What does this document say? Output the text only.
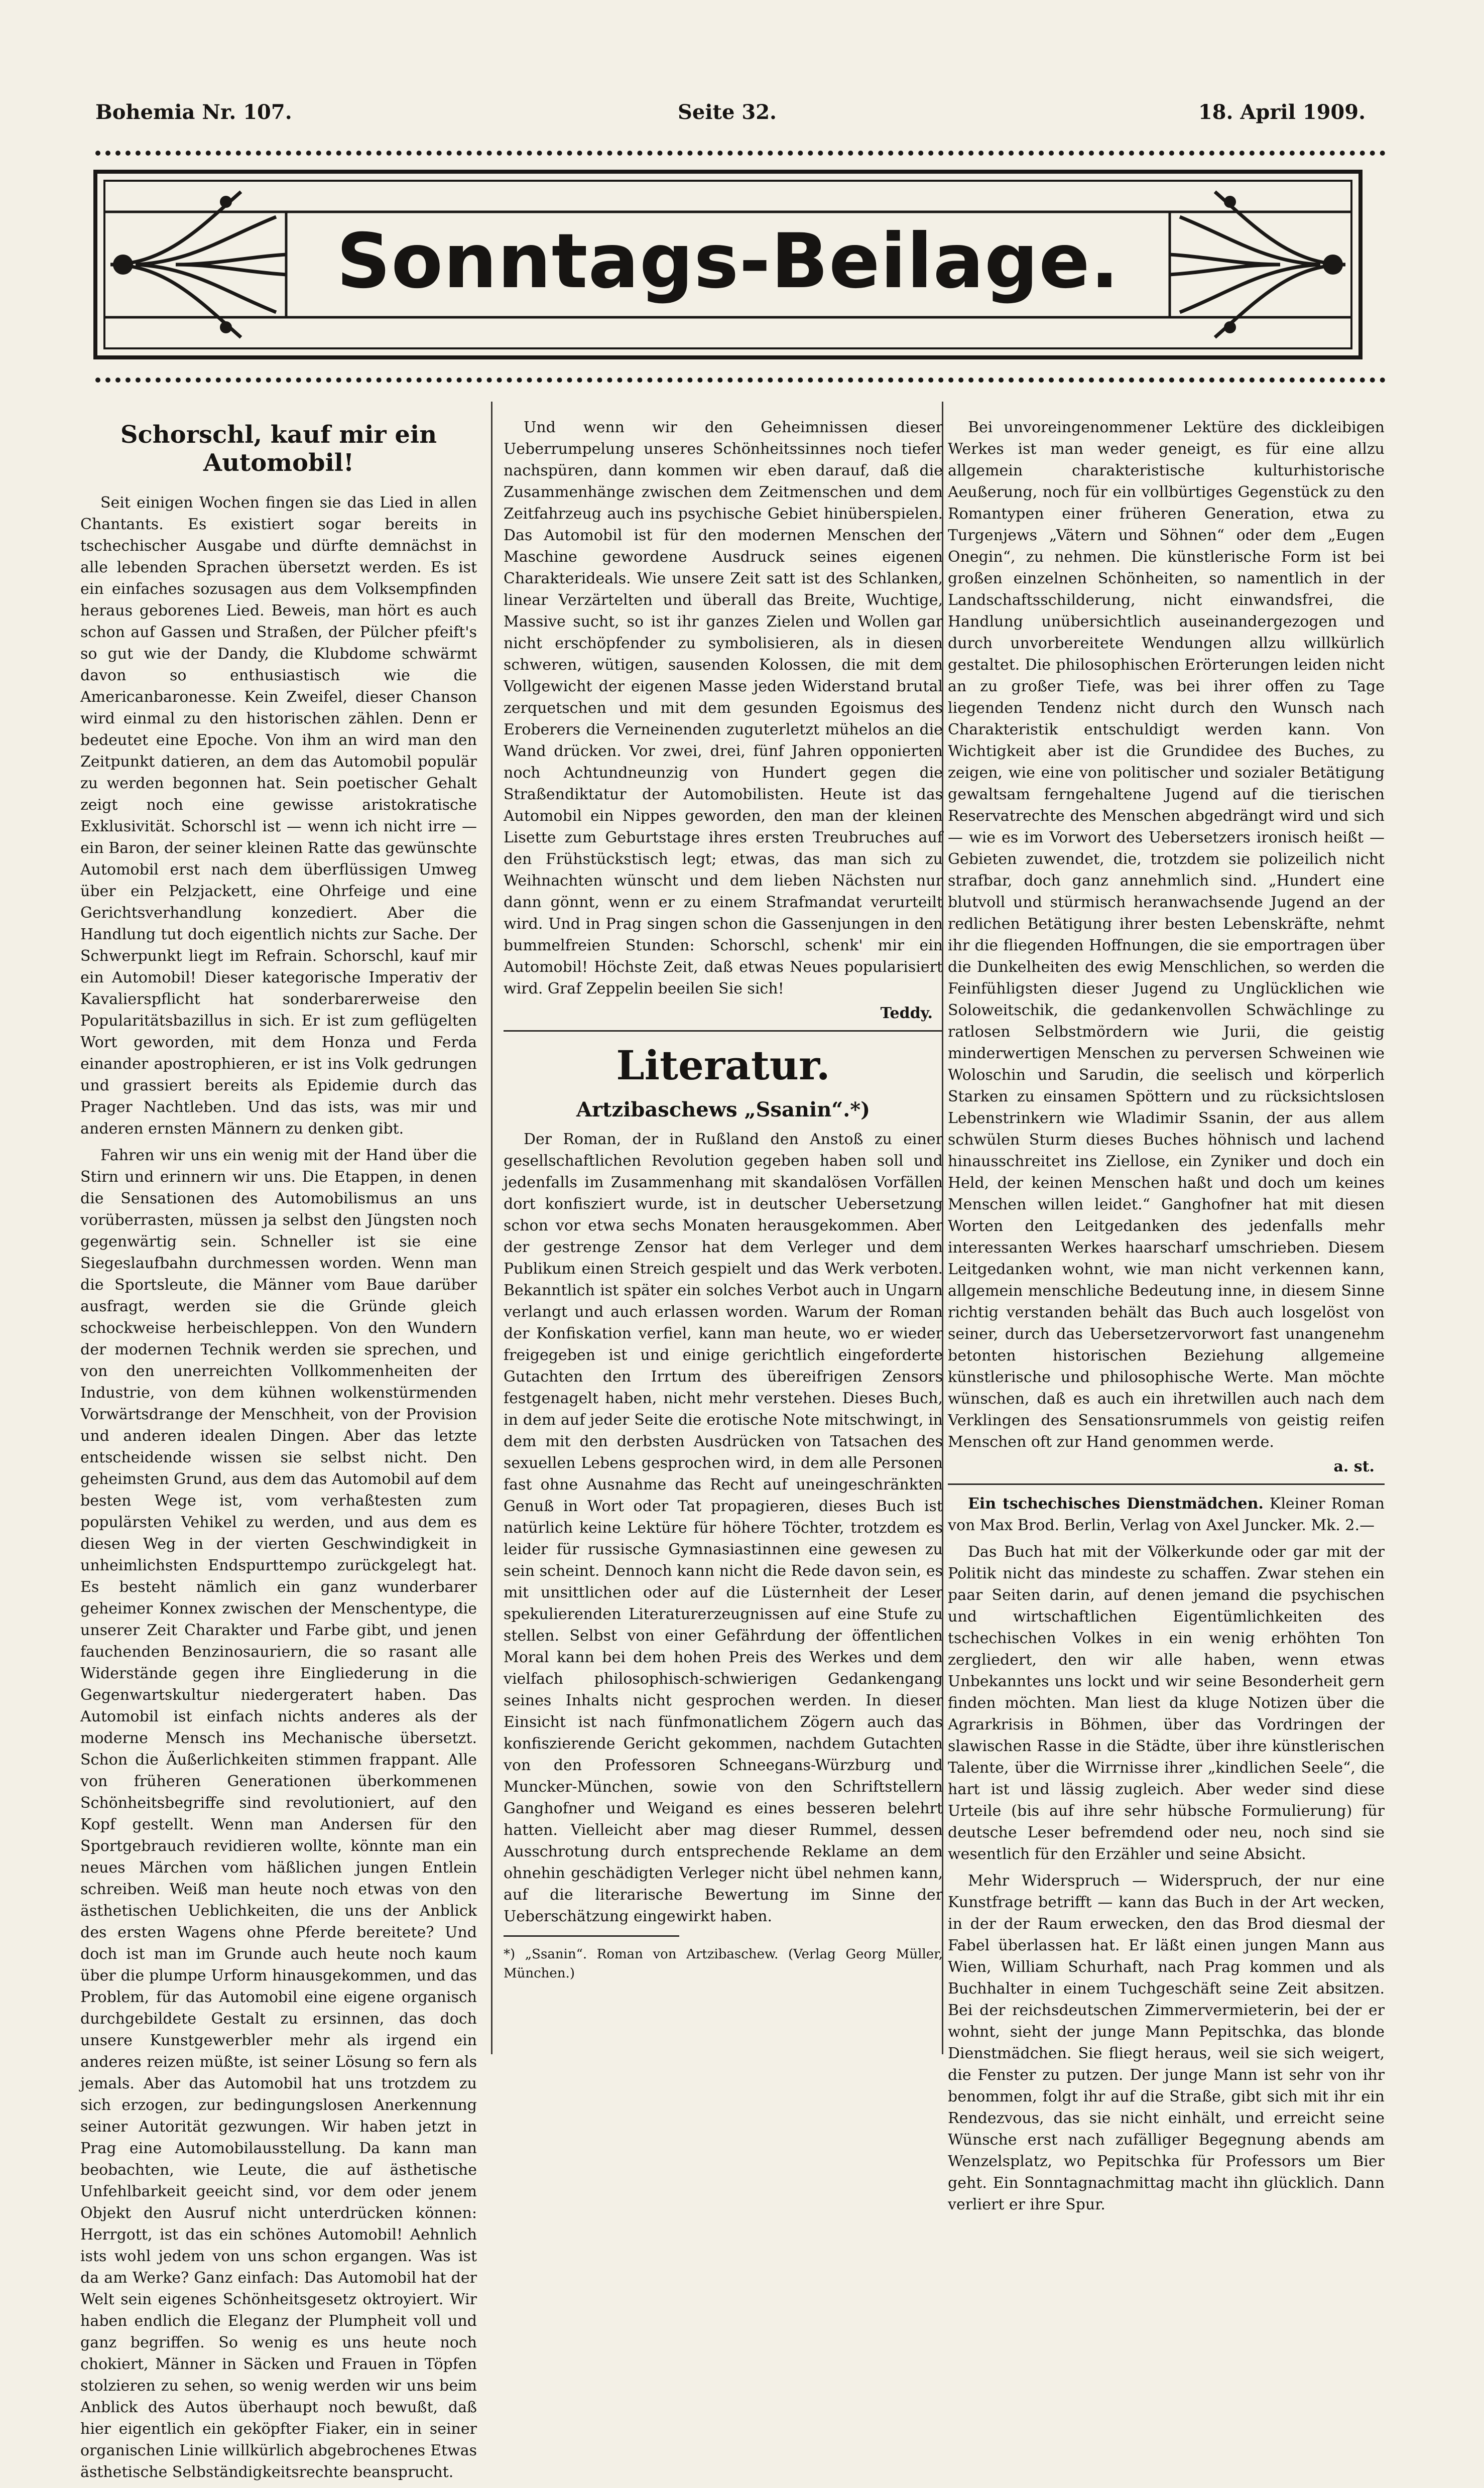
Bohemia Nr. 107.	Seite 32.	18. April 1909.
Sonntags-Beilage.
Schorschl, kauf mir ein Automobil!

Seit einigen Wochen fingen sie das Lied in allen Chantants. Es existiert sogar bereits in tschechischer Ausgabe und dürfte demnächst in alle lebenden Sprachen übersetzt werden. Es ist ein einfaches sozusagen aus dem Volksempfinden heraus geborenes Lied. Beweis, man hört es auch schon auf Gassen und Straßen, der Pülcher pfeift's so gut wie der Dandy, die Klubdome schwärmt davon so enthusiastisch wie die Americanbaronesse. Kein Zweifel, dieser Chanson wird einmal zu den historischen zählen. Denn er bedeutet eine Epoche. Von ihm an wird man den Zeitpunkt datieren, an dem das Automobil populär zu werden begonnen hat. Sein poetischer Gehalt zeigt noch eine gewisse aristokratische Exklusivität. Schorschl ist — wenn ich nicht irre — ein Baron, der seiner kleinen Ratte das gewünschte Automobil erst nach dem überflüssigen Umweg über ein Pelzjackett, eine Ohrfeige und eine Gerichtsverhandlung konzediert. Aber die Handlung tut doch eigentlich nichts zur Sache. Der Schwerpunkt liegt im Refrain. Schorschl, kauf mir ein Automobil! Dieser kategorische Imperativ der Kavalierspflicht hat sonderbarerweise den Popularitätsbazillus in sich. Er ist zum geflügelten Wort geworden, mit dem Honza und Ferda einander apostrophieren, er ist ins Volk gedrungen und grassiert bereits als Epidemie durch das Prager Nachtleben. Und das ists, was mir und anderen ernsten Männern zu denken gibt.

Fahren wir uns ein wenig mit der Hand über die Stirn und erinnern wir uns. Die Etappen, in denen die Sensationen des Automobilismus an uns vorüberrasten, müssen ja selbst den Jüngsten noch gegenwärtig sein. Schneller ist sie eine Siegeslaufbahn durchmessen worden. Wenn man die Sportsleute, die Männer vom Baue darüber ausfragt, werden sie die Gründe gleich schockweise herbeischleppen. Von den Wundern der modernen Technik werden sie sprechen, und von den unerreichten Vollkommenheiten der Industrie, von dem kühnen wolkenstürmenden Vorwärtsdrange der Menschheit, von der Provision und anderen idealen Dingen. Aber das letzte entscheidende wissen sie selbst nicht. Den geheimsten Grund, aus dem das Automobil auf dem besten Wege ist, vom verhaßtesten zum populärsten Vehikel zu werden, und aus dem es diesen Weg in der vierten Geschwindigkeit in unheimlichsten Endspurttempo zurückgelegt hat. Es besteht nämlich ein ganz wunderbarer geheimer Konnex zwischen der Menschentype, die unserer Zeit Charakter und Farbe gibt, und jenen fauchenden Benzinosauriern, die so rasant alle Widerstände gegen ihre Eingliederung in die Gegenwartskultur niedergeratert haben. Das Automobil ist einfach nichts anderes als der moderne Mensch ins Mechanische übersetzt. Schon die Äußerlichkeiten stimmen frappant. Alle von früheren Generationen überkommenen Schönheitsbegriffe sind revolutioniert, auf den Kopf gestellt. Wenn man Andersen für den Sportgebrauch revidieren wollte, könnte man ein neues Märchen vom häßlichen jungen Entlein schreiben. Weiß man heute noch etwas von den ästhetischen Ueblichkeiten, die uns der Anblick des ersten Wagens ohne Pferde bereitete? Und doch ist man im Grunde auch heute noch kaum über die plumpe Urform hinausgekommen, und das Problem, für das Automobil eine eigene organisch durchgebildete Gestalt zu ersinnen, das doch unsere Kunstgewerbler mehr als irgend ein anderes reizen müßte, ist seiner Lösung so fern als jemals. Aber das Automobil hat uns trotzdem zu sich erzogen, zur bedingungslosen Anerkennung seiner Autorität gezwungen. Wir haben jetzt in Prag eine Automobilausstellung. Da kann man beobachten, wie Leute, die auf ästhetische Unfehlbarkeit geeicht sind, vor dem oder jenem Objekt den Ausruf nicht unterdrücken können: Herrgott, ist das ein schönes Automobil! Aehnlich ists wohl jedem von uns schon ergangen. Was ist da am Werke? Ganz einfach: Das Automobil hat der Welt sein eigenes Schönheitsgesetz oktroyiert. Wir haben endlich die Eleganz der Plumpheit voll und ganz begriffen. So wenig es uns heute noch chokiert, Männer in Säcken und Frauen in Töpfen stolzieren zu sehen, so wenig werden wir uns beim Anblick des Autos überhaupt noch bewußt, daß hier eigentlich ein geköpfter Fiaker, ein in seiner organischen Linie willkürlich abgebrochenes Etwas ästhetische Selbständigkeitsrechte beansprucht.

Und wenn wir den Geheimnissen dieser Ueberrumpelung unseres Schönheitssinnes noch tiefer nachspüren, dann kommen wir eben darauf, daß die Zusammenhänge zwischen dem Zeitmenschen und dem Zeitfahrzeug auch ins psychische Gebiet hinüberspielen. Das Automobil ist für den modernen Menschen der Maschine gewordene Ausdruck seines eigenen Charakterideals. Wie unsere Zeit satt ist des Schlanken, linear Verzärtelten und überall das Breite, Wuchtige, Massive sucht, so ist ihr ganzes Zielen und Wollen gar nicht erschöpfender zu symbolisieren, als in diesen schweren, wütigen, sausenden Kolossen, die mit dem Vollgewicht der eigenen Masse jeden Widerstand brutal zerquetschen und mit dem gesunden Egoismus des Eroberers die Verneinenden zuguterletzt mühelos an die Wand drücken. Vor zwei, drei, fünf Jahren opponierten noch Achtundneunzig von Hundert gegen die Straßendiktatur der Automobilisten. Heute ist das Automobil ein Nippes geworden, den man der kleinen Lisette zum Geburtstage ihres ersten Treubruches auf den Frühstückstisch legt; etwas, das man sich zu Weihnachten wünscht und dem lieben Nächsten nur dann gönnt, wenn er zu einem Strafmandat verurteilt wird. Und in Prag singen schon die Gassenjungen in den bummelfreien Stunden: Schorschl, schenk' mir ein Automobil! Höchste Zeit, daß etwas Neues popularisiert wird. Graf Zeppelin beeilen Sie sich!

Teddy.
Literatur.
Artzibaschews „Ssanin“.*)

Der Roman, der in Rußland den Anstoß zu einer gesellschaftlichen Revolution gegeben haben soll und jedenfalls im Zusammenhang mit skandalösen Vorfällen dort konfisziert wurde, ist in deutscher Uebersetzung schon vor etwa sechs Monaten herausgekommen. Aber der gestrenge Zensor hat dem Verleger und dem Publikum einen Streich gespielt und das Werk verboten. Bekanntlich ist später ein solches Verbot auch in Ungarn verlangt und auch erlassen worden. Warum der Roman der Konfiskation verfiel, kann man heute, wo er wieder freigegeben ist und einige gerichtlich eingeforderte Gutachten den Irrtum des übereifrigen Zensors festgenagelt haben, nicht mehr verstehen. Dieses Buch, in dem auf jeder Seite die erotische Note mitschwingt, in dem mit den derbsten Ausdrücken von Tatsachen des sexuellen Lebens gesprochen wird, in dem alle Personen fast ohne Ausnahme das Recht auf uneingeschränkten Genuß in Wort oder Tat propagieren, dieses Buch ist natürlich keine Lektüre für höhere Töchter, trotzdem es leider für russische Gymnasiastinnen eine gewesen zu sein scheint. Dennoch kann nicht die Rede davon sein, es mit unsittlichen oder auf die Lüsternheit der Leser spekulierenden Literaturerzeugnissen auf eine Stufe zu stellen. Selbst von einer Gefährdung der öffentlichen Moral kann bei dem hohen Preis des Werkes und dem vielfach philosophisch-schwierigen Gedankengang seines Inhalts nicht gesprochen werden. In dieser Einsicht ist nach fünfmonatlichem Zögern auch das konfiszierende Gericht gekommen, nachdem Gutachten von den Professoren Schneegans-Würzburg und Muncker-München, sowie von den Schriftstellern Ganghofner und Weigand es eines besseren belehrt hatten. Vielleicht aber mag dieser Rummel, dessen Ausschrotung durch entsprechende Reklame an dem ohnehin geschädigten Verleger nicht übel nehmen kann, auf die literarische Bewertung im Sinne der Ueberschätzung eingewirkt haben.

*) „Ssanin“. Roman von Artzibaschew. (Verlag Georg Müller, München.)

Bei unvoreingenommener Lektüre des dickleibigen Werkes ist man weder geneigt, es für eine allzu allgemein charakteristische kulturhistorische Aeußerung, noch für ein vollbürtiges Gegenstück zu den Romantypen einer früheren Generation, etwa zu Turgenjews „Vätern und Söhnen“ oder dem „Eugen Onegin“, zu nehmen. Die künstlerische Form ist bei großen einzelnen Schönheiten, so namentlich in der Landschaftsschilderung, nicht einwandsfrei, die Handlung unübersichtlich auseinandergezogen und durch unvorbereitete Wendungen allzu willkürlich gestaltet. Die philosophischen Erörterungen leiden nicht an zu großer Tiefe, was bei ihrer offen zu Tage liegenden Tendenz nicht durch den Wunsch nach Charakteristik entschuldigt werden kann. Von Wichtigkeit aber ist die Grundidee des Buches, zu zeigen, wie eine von politischer und sozialer Betätigung gewaltsam ferngehaltene Jugend auf die tierischen Reservatrechte des Menschen abgedrängt wird und sich — wie es im Vorwort des Uebersetzers ironisch heißt — Gebieten zuwendet, die, trotzdem sie polizeilich nicht strafbar, doch ganz annehmlich sind. „Hundert eine blutvoll und stürmisch heranwachsende Jugend an der redlichen Betätigung ihrer besten Lebenskräfte, nehmt ihr die fliegenden Hoffnungen, die sie emportragen über die Dunkelheiten des ewig Menschlichen, so werden die Feinfühligsten dieser Jugend zu Unglücklichen wie Soloweitschik, die gedankenvollen Schwächlinge zu ratlosen Selbstmördern wie Jurii, die geistig minderwertigen Menschen zu perversen Schweinen wie Woloschin und Sarudin, die seelisch und körperlich Starken zu einsamen Spöttern und zu rücksichtslosen Lebenstrinkern wie Wladimir Ssanin, der aus allem schwülen Sturm dieses Buches höhnisch und lachend hinausschreitet ins Ziellose, ein Zyniker und doch ein Held, der keinen Menschen haßt und doch um keines Menschen willen leidet.“ Ganghofner hat mit diesen Worten den Leitgedanken des jedenfalls mehr interessanten Werkes haarscharf umschrieben. Diesem Leitgedanken wohnt, wie man nicht verkennen kann, allgemein menschliche Bedeutung inne, in diesem Sinne richtig verstanden behält das Buch auch losgelöst von seiner, durch das Uebersetzervorwort fast unangenehm betonten historischen Beziehung allgemeine künstlerische und philosophische Werte. Man möchte wünschen, daß es auch ein ihretwillen auch nach dem Verklingen des Sensationsrummels von geistig reifen Menschen oft zur Hand genommen werde.

a. st.
Ein tschechisches Dienstmädchen. Kleiner Roman von Max Brod. Berlin, Verlag von Axel Juncker. Mk. 2.—

Das Buch hat mit der Völkerkunde oder gar mit der Politik nicht das mindeste zu schaffen. Zwar stehen ein paar Seiten darin, auf denen jemand die psychischen und wirtschaftlichen Eigentümlichkeiten des tschechischen Volkes in ein wenig erhöhten Ton zergliedert, den wir alle haben, wenn etwas Unbekanntes uns lockt und wir seine Besonderheit gern finden möchten. Man liest da kluge Notizen über die Agrarkrisis in Böhmen, über das Vordringen der slawischen Rasse in die Städte, über ihre künstlerischen Talente, über die Wirrnisse ihrer „kindlichen Seele“, die hart ist und lässig zugleich. Aber weder sind diese Urteile (bis auf ihre sehr hübsche Formulierung) für deutsche Leser befremdend oder neu, noch sind sie wesentlich für den Erzähler und seine Absicht.

Mehr Widerspruch — Widerspruch, der nur eine Kunstfrage betrifft — kann das Buch in der Art wecken, in der der Raum erwecken, den das Brod diesmal der Fabel überlassen hat. Er läßt einen jungen Mann aus Wien, William Schurhaft, nach Prag kommen und als Buchhalter in einem Tuchgeschäft seine Zeit absitzen. Bei der reichsdeutschen Zimmervermieterin, bei der er wohnt, sieht der junge Mann Pepitschka, das blonde Dienstmädchen. Sie fliegt heraus, weil sie sich weigert, die Fenster zu putzen. Der junge Mann ist sehr von ihr benommen, folgt ihr auf die Straße, gibt sich mit ihr ein Rendezvous, das sie nicht einhält, und erreicht seine Wünsche erst nach zufälliger Begegnung abends am Wenzelsplatz, wo Pepitschka für Professors um Bier geht. Ein Sonntagnachmittag macht ihn glücklich. Dann verliert er ihre Spur.
